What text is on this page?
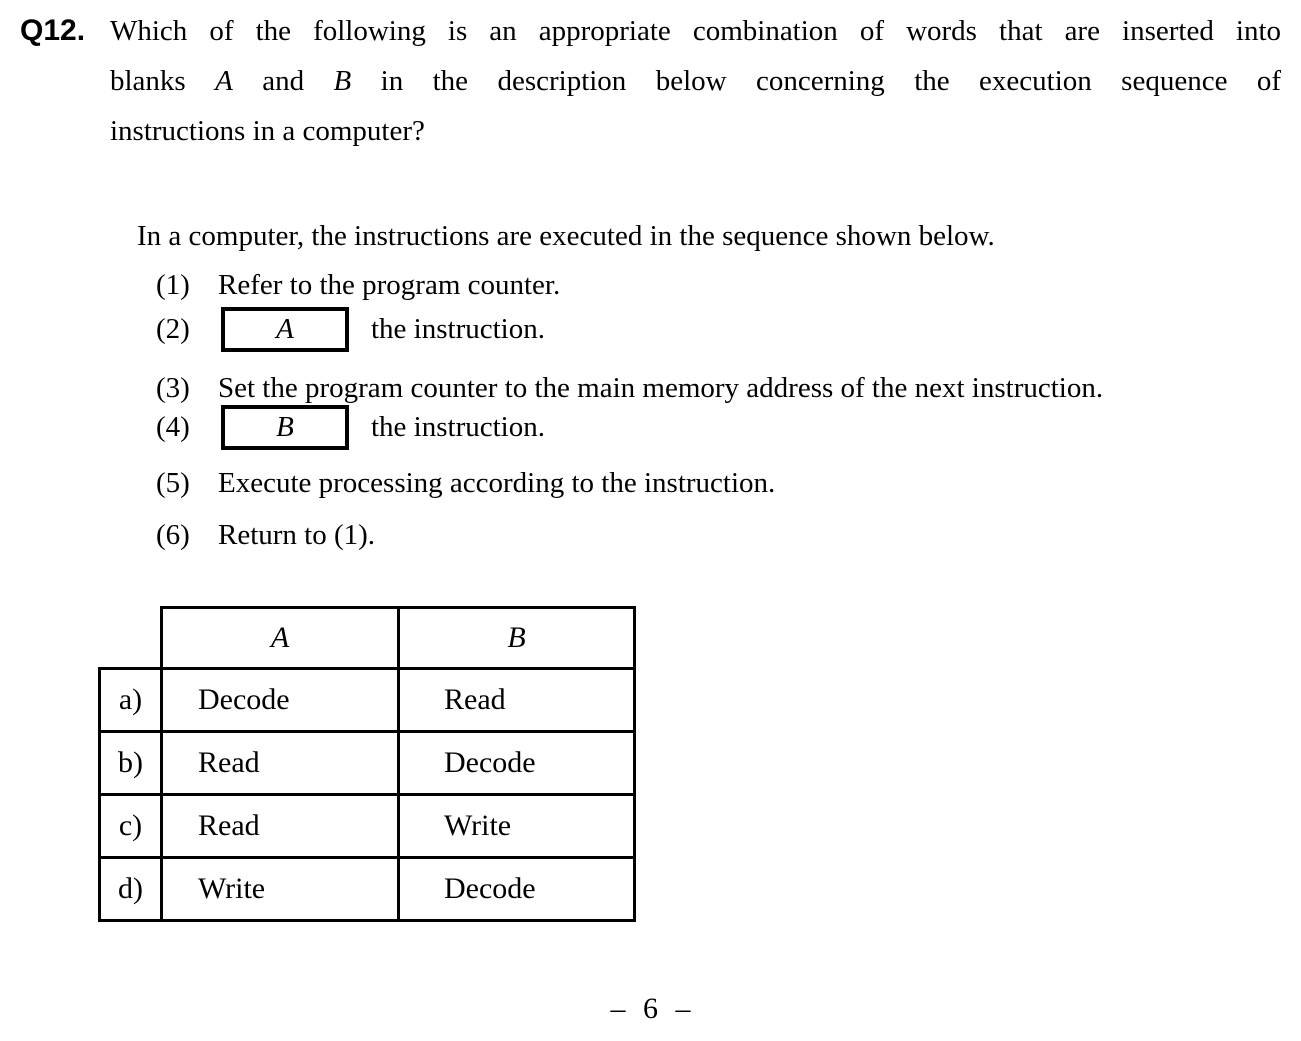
Q12. Which of the following is an appropriate combination of words that are inserted into
blanks A and B in the description below concerning the execution sequence of
instructions in a computer?
In a computer, the instructions are executed in the sequence shown below.
(1) Refer to the program counter.
(2)	A	the instruction.
(3) Set the program counter to the main memory address of the next instruction.
(4)	B	the instruction.
(5) Execute processing according to the instruction.
(6) Return to (1).
	A	B
a)	Decode	Read
b)	Read	Decode
c)	Read	Write
d)	Write	Decode
– 6 –
